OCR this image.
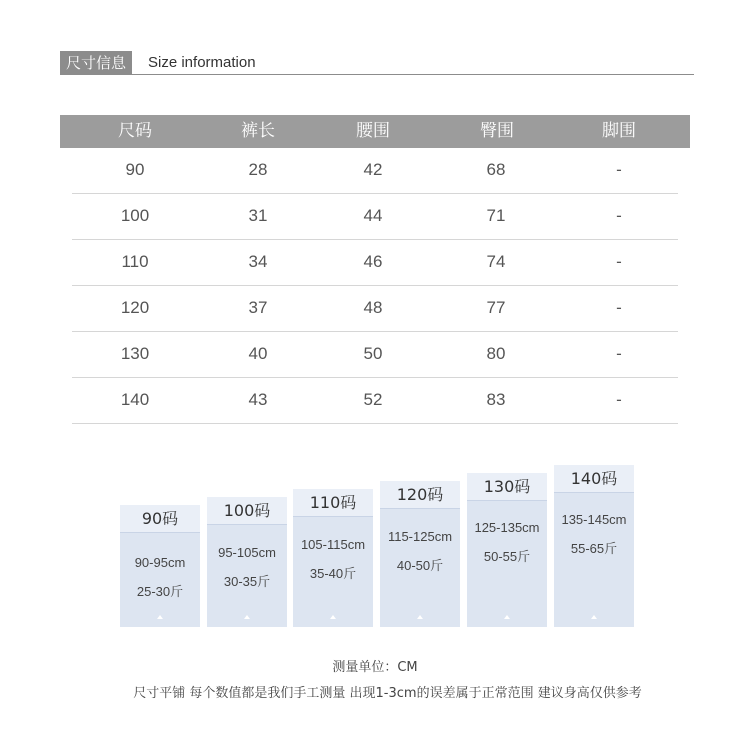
尺寸信息	Size information
尺码	裤长	腰围	臀围	脚围
90	28	42	68	-
100	31	44	71	-
110	34	46	74	-
120	37	48	77	-
130	40	50	80	-
140	43	52	83	-
90码
90-95cm
25-30斤
100码
95-105cm
30-35斤
110码
105-115cm
35-40斤
120码
115-125cm
40-50斤
130码
125-135cm
50-55斤
140码
135-145cm
55-65斤
测量单位：CM
尺寸平铺 每个数值都是我们手工测量 出现1-3cm的误差属于正常范围 建议身高仅供参考
